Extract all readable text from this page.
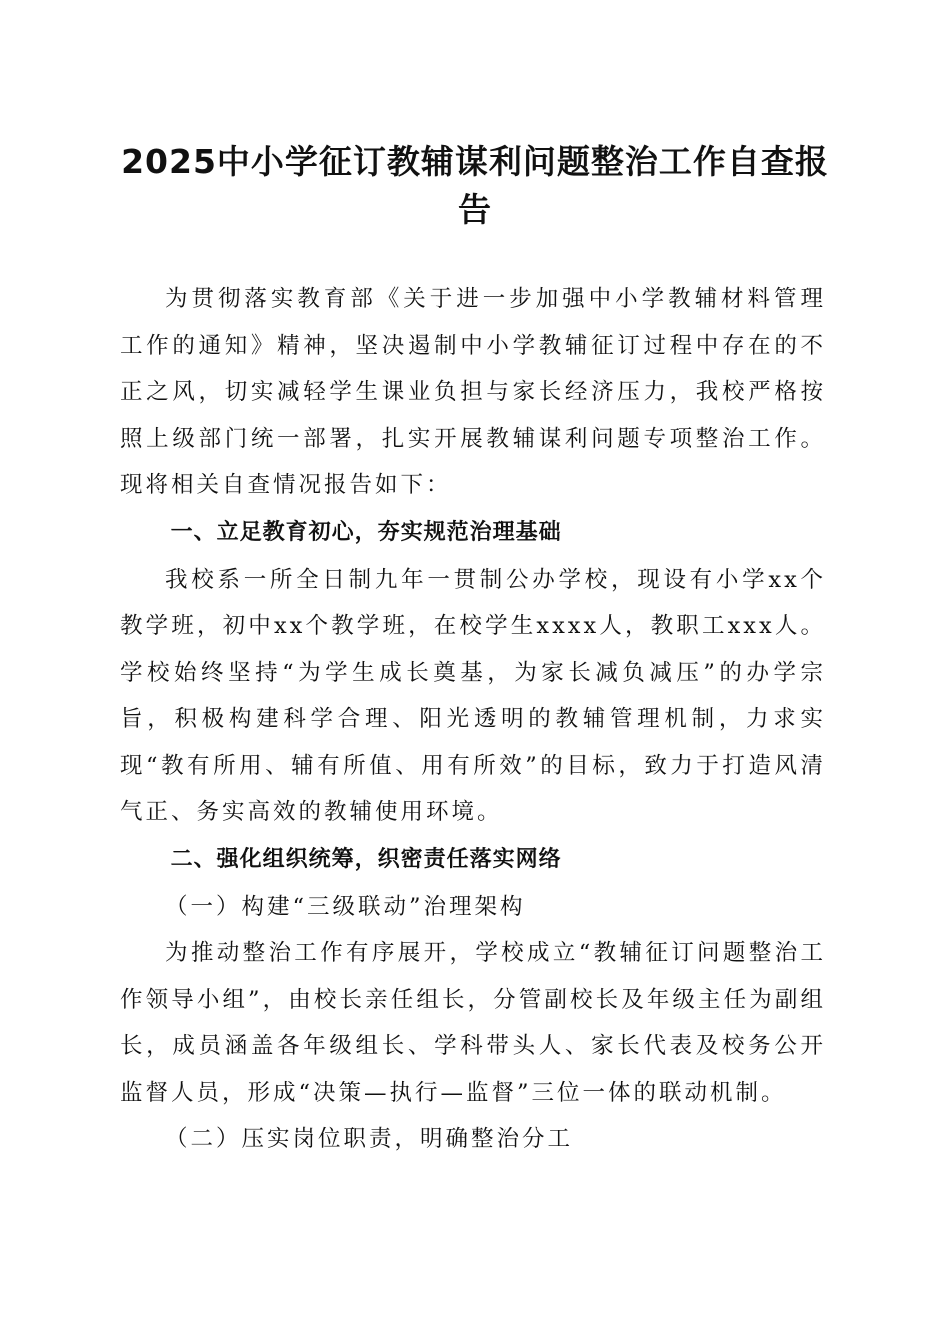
2025中小学征订教辅谋利问题整治工作自查报告

为贯彻落实教育部《关于进一步加强中小学教辅材料管理工作的通知》精神，坚决遏制中小学教辅征订过程中存在的不正之风，切实减轻学生课业负担与家长经济压力，我校严格按照上级部门统一部署，扎实开展教辅谋利问题专项整治工作。现将相关自查情况报告如下：

一、立足教育初心，夯实规范治理基础

我校系一所全日制九年一贯制公办学校，现设有小学xx个教学班，初中xx个教学班，在校学生xxxx人，教职工xxx人。学校始终坚持“为学生成长奠基，为家长减负减压”的办学宗旨，积极构建科学合理、阳光透明的教辅管理机制，力求实现“教有所用、辅有所值、用有所效”的目标，致力于打造风清气正、务实高效的教辅使用环境。

二、强化组织统筹，织密责任落实网络

（一）构建“三级联动”治理架构

为推动整治工作有序展开，学校成立“教辅征订问题整治工作领导小组”，由校长亲任组长，分管副校长及年级主任为副组长，成员涵盖各年级组长、学科带头人、家长代表及校务公开监督人员，形成“决策—执行—监督”三位一体的联动机制。

（二）压实岗位职责，明确整治分工
